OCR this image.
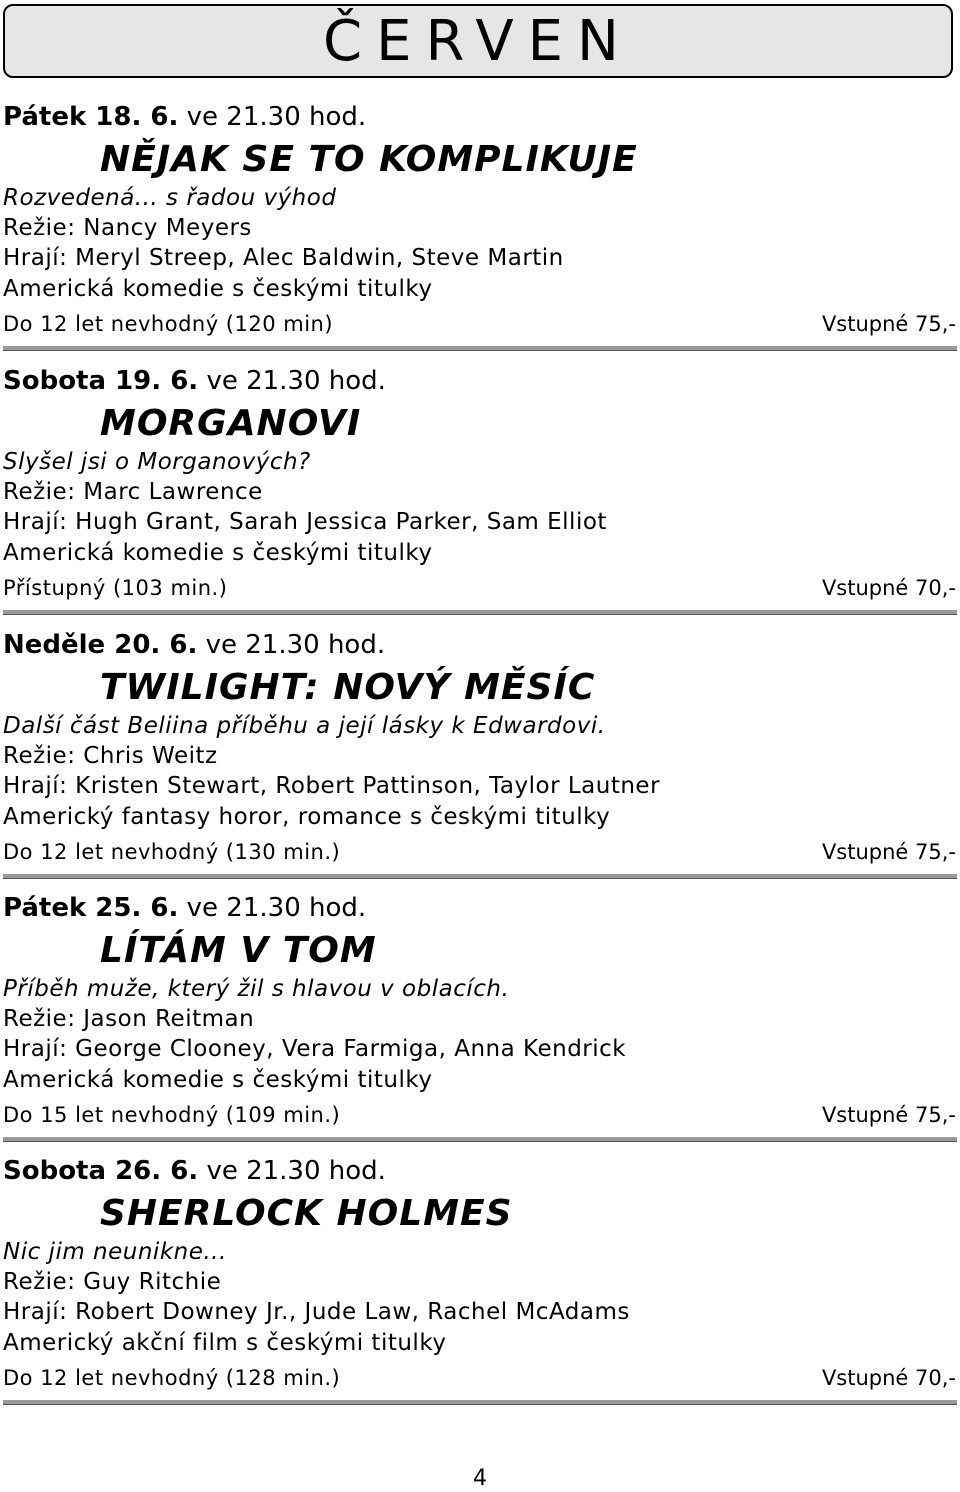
ČERVEN
Pátek 18. 6. ve 21.30 hod.
NĚJAK SE TO KOMPLIKUJE
Rozvedená... s řadou výhod
Režie: Nancy Meyers
Hrají: Meryl Streep, Alec Baldwin, Steve Martin
Americká komedie s českými titulky
Do 12 let nevhodný (120 min)	Vstupné 75,-
Sobota 19. 6. ve 21.30 hod.
MORGANOVI
Slyšel jsi o Morganových?
Režie: Marc Lawrence
Hrají: Hugh Grant, Sarah Jessica Parker, Sam Elliot
Americká komedie s českými titulky
Přístupný (103 min.)	Vstupné 70,-
Neděle 20. 6. ve 21.30 hod.
TWILIGHT: NOVÝ MĚSÍC
Další část Beliina příběhu a její lásky k Edwardovi.
Režie: Chris Weitz
Hrají: Kristen Stewart, Robert Pattinson, Taylor Lautner
Americký fantasy horor, romance s českými titulky
Do 12 let nevhodný (130 min.)	Vstupné 75,-
Pátek 25. 6. ve 21.30 hod.
LÍTÁM V TOM
Příběh muže, který žil s hlavou v oblacích.
Režie: Jason Reitman
Hrají: George Clooney, Vera Farmiga, Anna Kendrick
Americká komedie s českými titulky
Do 15 let nevhodný (109 min.)	Vstupné 75,-
Sobota 26. 6. ve 21.30 hod.
SHERLOCK HOLMES
Nic jim neunikne...
Režie: Guy Ritchie
Hrají: Robert Downey Jr., Jude Law, Rachel McAdams
Americký akční film s českými titulky
Do 12 let nevhodný (128 min.)	Vstupné 70,-
4
